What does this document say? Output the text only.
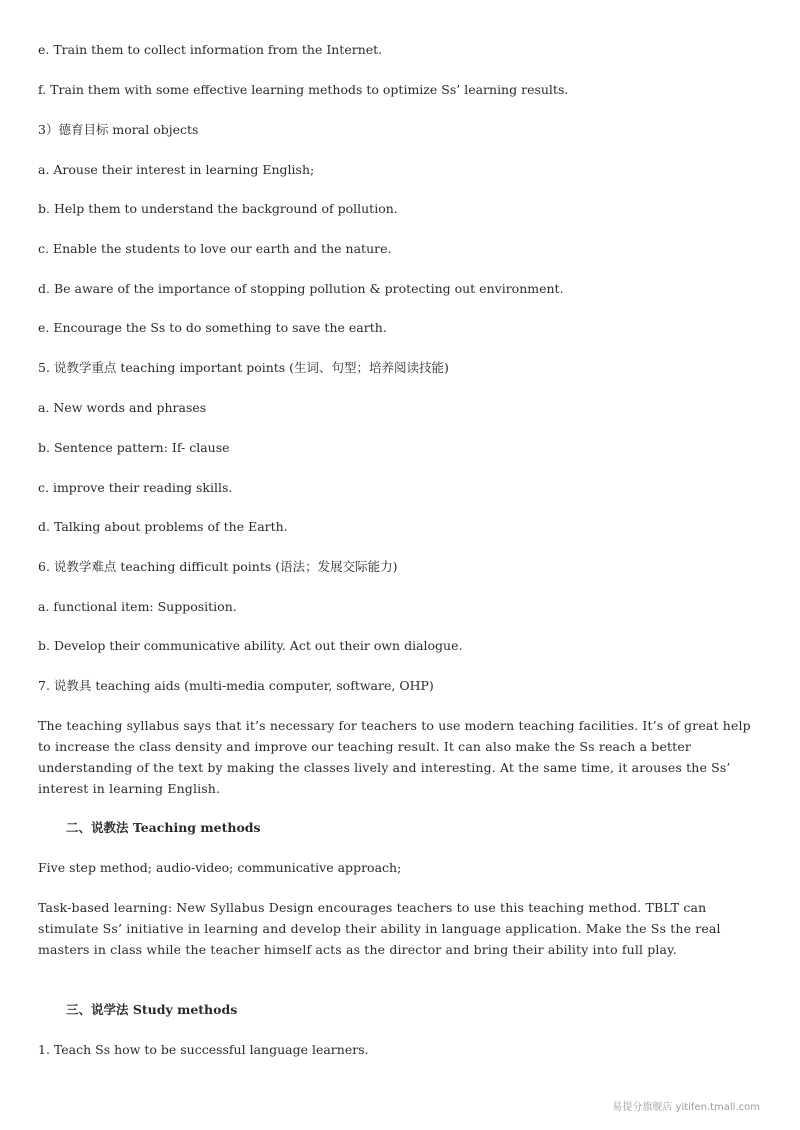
e. Train them to collect information from the Internet.

f. Train them with some effective learning methods to optimize Ss’ learning results.

3）德育目标 moral objects

a. Arouse their interest in learning English;

b. Help them to understand the background of pollution.

c. Enable the students to love our earth and the nature.

d. Be aware of the importance of stopping pollution & protecting out environment.

e. Encourage the Ss to do something to save the earth.

5. 说教学重点 teaching important points (生词、句型；培养阅读技能)

a. New words and phrases

b. Sentence pattern: If- clause

c. improve their reading skills.

d. Talking about problems of the Earth.

6. 说教学难点 teaching difficult points (语法；发展交际能力)

a. functional item: Supposition.

b. Develop their communicative ability. Act out their own dialogue.

7. 说教具 teaching aids (multi-media computer, software, OHP)

The teaching syllabus says that it’s necessary for teachers to use modern teaching facilities. It’s of great help to increase the class density and improve our teaching result. It can also make the Ss reach a better understanding of the text by making the classes lively and interesting. At the same time, it arouses the Ss’ interest in learning English.

二、说教法 Teaching methods

Five step method; audio-video; communicative approach;

Task-based learning: New Syllabus Design encourages teachers to use this teaching method. TBLT can stimulate Ss’ initiative in learning and develop their ability in language application. Make the Ss the real masters in class while the teacher himself acts as the director and bring their ability into full play.

三、说学法 Study methods

1. Teach Ss how to be successful language learners.

易提分旗舰店 yitifen.tmall.com
